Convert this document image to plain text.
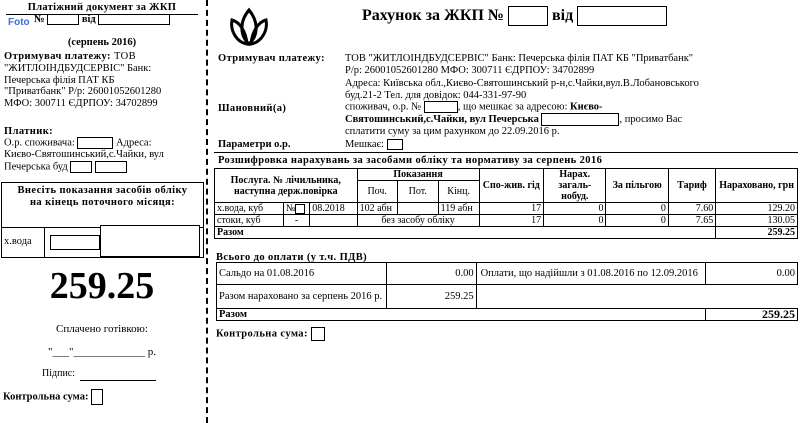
Платіжний документ за ЖКП
№	від
Foto
(серпень 2016)
Отримувач платежу: ТОВ
"ЖИТЛОІНДБУДСЕРВІС" Банк:
Печерська філія ПАТ КБ
"Приватбанк" Р/р: 26001052601280
МФО: 300711 ЄДРПОУ: 34702899
Платник:
О.р. споживача:	Адреса:
Києво-Святошинський,с.Чайки, вул
Печерська буд
Внесіть показання засобів обліку на кінець поточного місяця:
х.вода
259.25
Сплачено готівкою:
"___"_____________ р.
Підпис:
Контрольна сума:
Рахунок за ЖКП №	від
Отримувач платежу: ТОВ "ЖИТЛОІНДБУДСЕРВІС" Банк: Печерська філія ПАТ КБ "Приватбанк"
Р/р: 26001052601280 МФО: 300711 ЄДРПОУ: 34702899
Адреса: Київська обл.,Києво-Святошинський р-н,с.Чайки,вул.В.Лобановського
буд.21-2 Тел. для довідок: 044-331-97-90
Шановний(а)	споживач, о.р. №	, що мешкає за адресою: Києво-
Святошинський,с.Чайки, вул Печерська	, просимо Вас
сплатити суму за цим рахунком до 22.09.2016 р.
Параметри о.р.	Мешкає:
Розшифровка нарахувань за засобами обліку та нормативу за серпень 2016
Послуга. № лічильника, наступна держ.повірка			Показання			Спо-жив. гід	Нарах. загаль-нобуд.	За пільгою	Тариф	Нараховано, грн
			Поч.	Пот.	Кінц.					
х.вода, куб	№	08.2018	102 абн		119 абн	17	0	0	7.60	129.20
стоки, куб	-		без засобу обліку			17	0	0	7.65	130.05
Разом										259.25
Всього до оплати (у т.ч. ПДВ)
Сальдо на 01.08.2016	0.00	Оплати, що надійшли з 01.08.2016 по 12.09.2016	0.00
Разом нараховано за серпень 2016 р.	259.25		
Разом			259.25
Контрольна сума:
